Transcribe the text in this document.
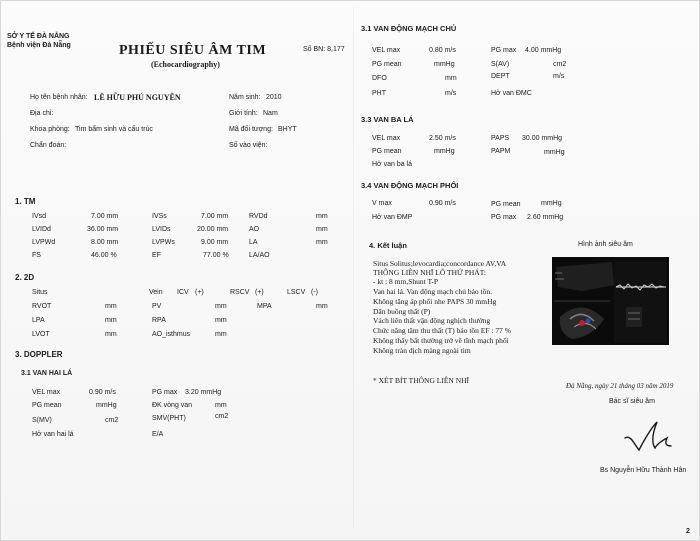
SỞ Y TẾ ĐÀ NẴNG
Bệnh viện Đà Nẵng	PHIẾU SIÊU ÂM TIM
(Echocardiography)
Số BN: 8,177
Họ tên bệnh nhân: LÊ HỮU PHÚ NGUYÊN	Năm sinh: 2010
Địa chỉ:	Giới tính: Nam
Khoa phòng: Tim bẩm sinh và cấu trúc	Mã đối tượng: BHYT
Chẩn đoán:	Số vào viện:
1. TM
IVsd	7.00 mm	IVSs	7.00 mm	RVDd	mm
LVIDd	36.00 mm	LVIDs	20.00 mm	AO	mm
LVPWd	8.00 mm	LVPWs	9.00 mm	LA	mm
FS	46.00 %	EF	77.00 %	LA/AO
2. 2D
Situs	Vein ICV (+)	RSCV (+)	LSCV (-)
RVOT	mm	PV	mm	MPA	mm
LPA	mm	RPA	mm
LVOT	mm	AO_isthmus	mm
3. DOPPLER
3.1 VAN HAI LÁ
VEL max	0.90 m/s	PG max 3.20 mmHg
PG mean	mmHg	ĐK vòng van	mm
S(MV)	cm2	SMV(PHT)	cm2
Hở van hai lá	E/A
3.1 VAN ĐỘNG MẠCH CHỦ
VEL max	0.80 m/s	PG max 4.00 mmHg
PG mean	mmHg	S(AV)	cm2
DFO	mm	DEPT	m/s
PHT	m/s	Hở van ĐMC
3.3 VAN BA LÁ
VEL max	2.50 m/s	PAPS 30.00 mmHg
PG mean	mmHg	PAPM	mmHg
Hở van ba lá
3.4 VAN ĐỘNG MẠCH PHỔI
V max	0.90 m/s	PG mean	mmHg
Hở van ĐMP	PG max 2.60 mmHg
4. Kết luận	Hình ảnh siêu âm
Situs Solitus;levocardia;concordance AV,VA
THÔNG LIÊN NHĨ LỖ THỨ PHÁT:
- kt : 8 mm,Shunt T-P
Van hai lá. Van động mạch chủ bảo tồn.
Không tăng áp phổi nhe PAPS 30 mmHg
Dãn buồng thất (P)
Vách liên thất vận động nghịch thường
Chức năng tâm thu thất (T) bảo tồn EF : 77 %
Không thấy bất thường trở về tĩnh mạch phổi
Không tràn dịch màng ngoài tim
* XÉT BÍT THÔNG LIÊN NHĨ
Đà Nẵng, ngày 21 tháng 03 năm 2019
Bác sĩ siêu âm
Bs Nguyễn Hữu Thành Hân
2
